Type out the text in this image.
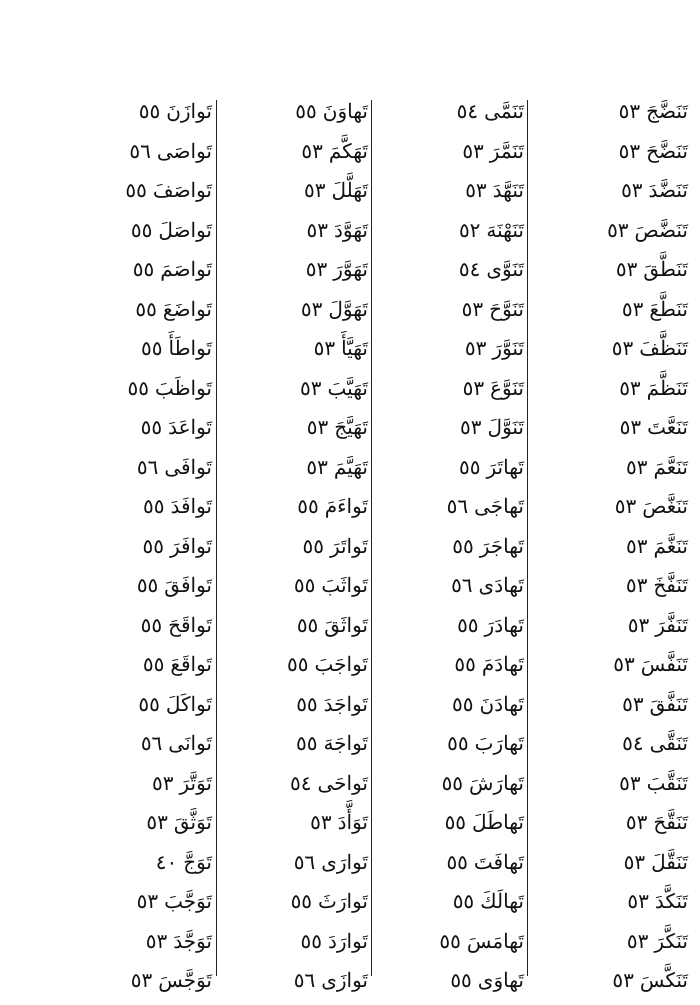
تَنَضَّجَ٥٣
تَنَضَّحَ٥٣
تَنَضَّدَ٥٣
تَنَضَّصَ٥٣
تَنَطَّقَ٥٣
تَنَطَّعَ٥٣
تَنَظَّفَ٥٣
تَنَظَّمَ٥٣
تَنَعَّتَ٥٣
تَنَعَّمَ٥٣
تَنَغَّصَ٥٣
تَنَغَّمَ٥٣
تَنَفَّخَ٥٣
تَنَفَّرَ٥٣
تَنَفَّسَ٥٣
تَنَفَّقَ٥٣
تَنَقَّى٥٤
تَنَقَّبَ٥٣
تَنَقَّحَ٥٣
تَنَقَّلَ٥٣
تَنَكَّدَ٥٣
تَنَكَّرَ٥٣
تَنَكَّسَ٥٣
تَنَمَّى٥٤
تَنَمَّرَ٥٣
تَنَهَّدَ٥٣
تَنَهْنَهَ٥٢
تَنَوَّى٥٤
تَنَوَّحَ٥٣
تَنَوَّرَ٥٣
تَنَوَّعَ٥٣
تَنَوَّلَ٥٣
تَهاتَرَ٥٥
تَهاجَى٥٦
تَهاجَرَ٥٥
تَهادَى٥٦
تَهادَرَ٥٥
تَهادَمَ٥٥
تَهادَنَ٥٥
تَهارَبَ٥٥
تَهارَشَ٥٥
تَهاطَلَ٥٥
تَهافَتَ٥٥
تَهالَكَ٥٥
تَهامَسَ٥٥
تَهاوَى٥٥
تَهاوَنَ٥٥
تَهَكَّمَ٥٣
تَهَلَّلَ٥٣
تَهَوَّدَ٥٣
تَهَوَّرَ٥٣
تَهَوَّلَ٥٣
تَهَيَّأَ٥٣
تَهَيَّبَ٥٣
تَهَيَّجَ٥٣
تَهَيَّمَ٥٣
تَواءَمَ٥٥
تَواتَرَ٥٥
تَواثَبَ٥٥
تَواثَقَ٥٥
تَواجَبَ٥٥
تَواجَدَ٥٥
تَواجَهَ٥٥
تَواحَى٥٤
تَوَأَّدَ٥٣
تَوارَى٥٦
تَوارَثَ٥٥
تَوارَدَ٥٥
تَوازَى٥٦
تَوازَنَ٥٥
تَواصَى٥٦
تَواصَفَ٥٥
تَواصَلَ٥٥
تَواصَمَ٥٥
تَواضَعَ٥٥
تَواطَأَ٥٥
تَواظَبَ٥٥
تَواعَدَ٥٥
تَوافَى٥٦
تَوافَدَ٥٥
تَوافَرَ٥٥
تَوافَقَ٥٥
تَواقَحَ٥٥
تَواقَعَ٥٥
تَواكَلَ٥٥
تَوانَى٥٦
تَوَتَّرَ٥٣
تَوَثَّقَ٥٣
تَوَجَّ٤٠
تَوَجَّبَ٥٣
تَوَجَّدَ٥٣
تَوَجَّسَ٥٣
